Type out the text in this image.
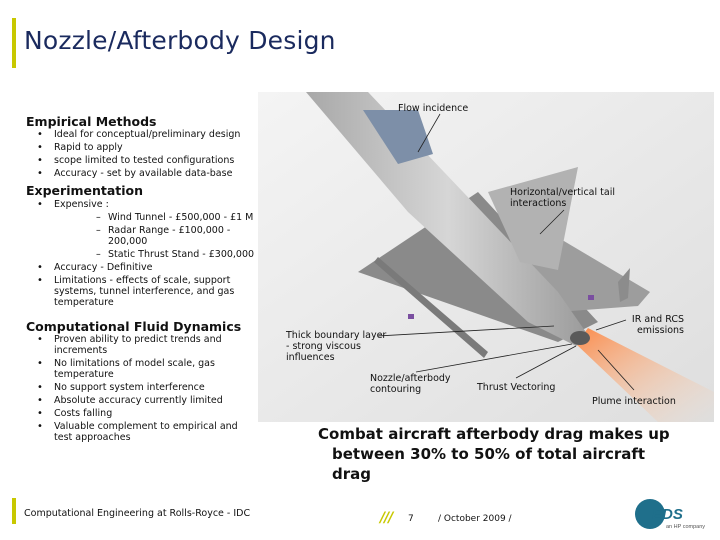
Nozzle/Afterbody Design
Empirical Methods
• Ideal for conceptual/preliminary design
• Rapid to apply
• scope limited to tested configurations
• Accuracy - set by available data-base
Experimentation
• Expensive :
– Wind Tunnel - £500,000 - £1 M
– Radar Range - £100,000 - 200,000
– Static Thrust Stand - £300,000
• Accuracy - Definitive
• Limitations - effects of scale, support systems, tunnel interference, and gas temperature
Computational Fluid Dynamics
• Proven ability to predict trends and increments
• No limitations of model scale, gas temperature
• No support system interference
• Absolute accuracy currently limited
• Costs falling
• Valuable complement to empirical and test approaches
Flow incidence
Horizontal/vertical tail interactions
IR and RCS emissions
Thick boundary layer - strong viscous influences
Nozzle/afterbody contouring	Thrust Vectoring
Plume interaction
Combat aircraft afterbody drag makes up
between 30% to 50% of total aircraft
drag
Computational Engineering at Rolls-Royce - IDC	/// 7	/ October 2009 /	EDS
an HP company
